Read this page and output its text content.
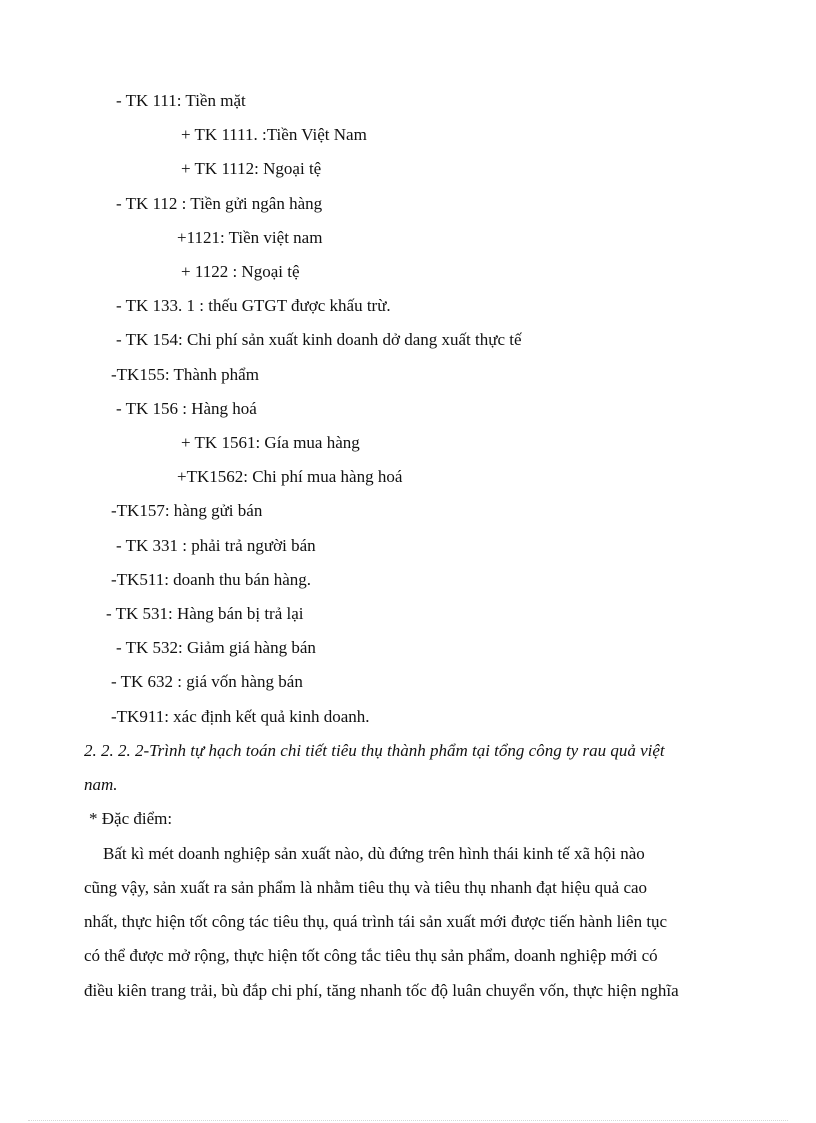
- TK 111: Tiền mặt
+ TK 1111. :Tiền Việt Nam
+ TK 1112: Ngoại tệ
- TK 112 : Tiền gửi ngân hàng
+1121: Tiền việt nam
+ 1122 : Ngoại tệ
- TK 133. 1 : thếu GTGT được khấu trừ.
- TK 154: Chi phí sản xuất kinh doanh dở dang xuất thực tế
-TK155: Thành phẩm
- TK 156 : Hàng hoá
+ TK 1561: Gía mua hàng
+TK1562: Chi phí mua hàng hoá
-TK157: hàng gửi bán
- TK 331 : phải trả người bán
-TK511: doanh thu bán hàng.
- TK 531: Hàng bán bị trả lại
- TK 532: Giảm giá hàng bán
- TK 632 : giá vốn hàng bán
-TK911: xác định kết quả kinh doanh.
2. 2. 2. 2-Trình tự hạch toán chi tiết tiêu thụ thành phẩm tại tổng công ty rau quả việt
nam.
* Đặc điểm:
Bất kì mét doanh nghiệp sản xuất nào, dù đứng trên hình thái kinh tế xã hội nào
cũng vậy, sản xuất ra sản phẩm là nhằm tiêu thụ và tiêu thụ nhanh đạt hiệu quả cao
nhất, thực hiện tốt công tác tiêu thụ, quá trình tái sản xuất mới được tiến hành liên tục
có thể được mở rộng, thực hiện tốt công tắc tiêu thụ sản phẩm, doanh nghiệp mới có
điều kiên trang trải, bù đắp chi phí, tăng nhanh tốc độ luân chuyển vốn, thực hiện nghĩa
